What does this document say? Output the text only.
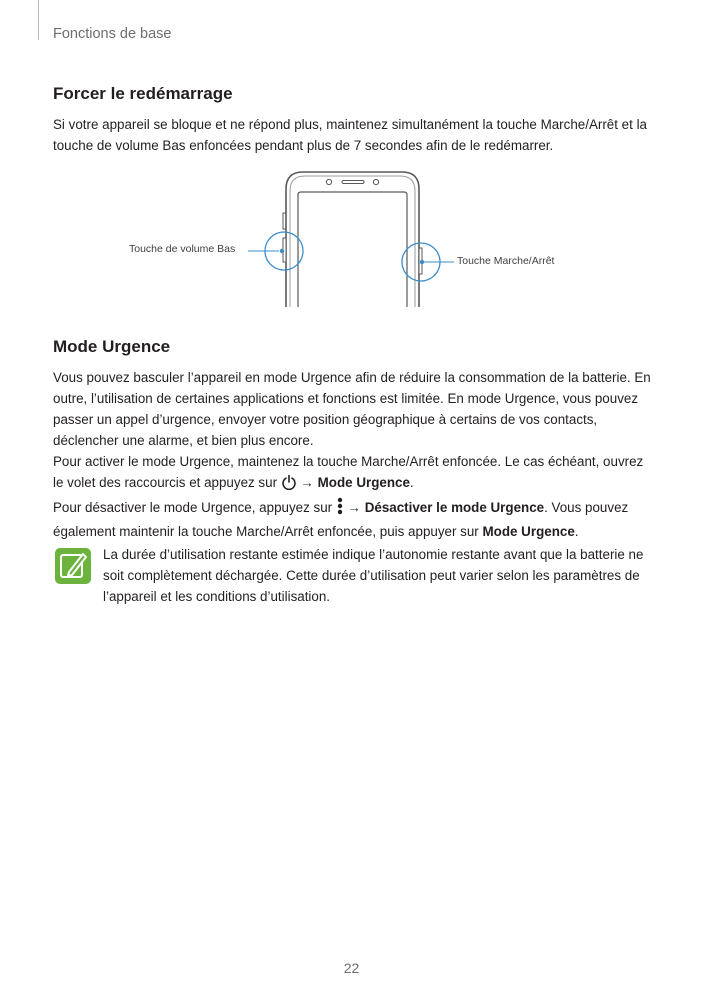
Fonctions de base
Forcer le redémarrage

Si votre appareil se bloque et ne répond plus, maintenez simultanément la touche Marche/Arrêt et la touche de volume Bas enfoncées pendant plus de 7 secondes afin de le redémarrer.

Touche de volume Bas
Touche Marche/Arrêt
Mode Urgence

Vous pouvez basculer l’appareil en mode Urgence afin de réduire la consommation de la batterie. En outre, l’utilisation de certaines applications et fonctions est limitée. En mode Urgence, vous pouvez passer un appel d’urgence, envoyer votre position géographique à certains de vos contacts, déclencher une alarme, et bien plus encore.

Pour activer le mode Urgence, maintenez la touche Marche/Arrêt enfoncée. Le cas échéant, ouvrez le volet des raccourcis et appuyez sur → Mode Urgence.

Pour désactiver le mode Urgence, appuyez sur → Désactiver le mode Urgence. Vous pouvez également maintenir la touche Marche/Arrêt enfoncée, puis appuyer sur Mode Urgence.

La durée d’utilisation restante estimée indique l’autonomie restante avant que la batterie ne soit complètement déchargée. Cette durée d’utilisation peut varier selon les paramètres de l’appareil et les conditions d’utilisation.

22
